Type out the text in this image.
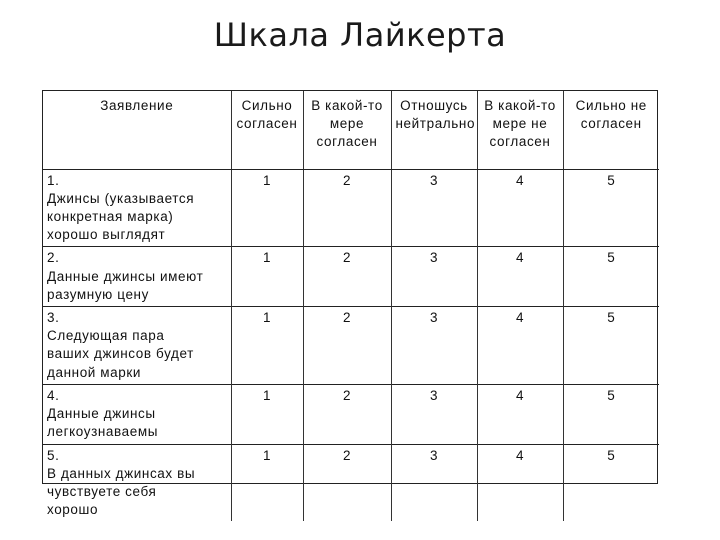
Шкала Лайкерта
Заявление	Сильно согласен	В какой-то мере согласен	Отношусь нейтрально	В какой-то мере не согласен	Сильно не согласен
1.Джинсы (указывается конкретная марка) хорошо выглядят	1	2	3	4	5
2.Данные джинсы имеют разумную цену	1	2	3	4	5
3.Следующая пара ваших джинсов будет данной марки	1	2	3	4	5
4.Данные джинсы легкоузнаваемы	1	2	3	4	5
5.В данных джинсах вы чувствуете себя хорошо	1	2	3	4	5
